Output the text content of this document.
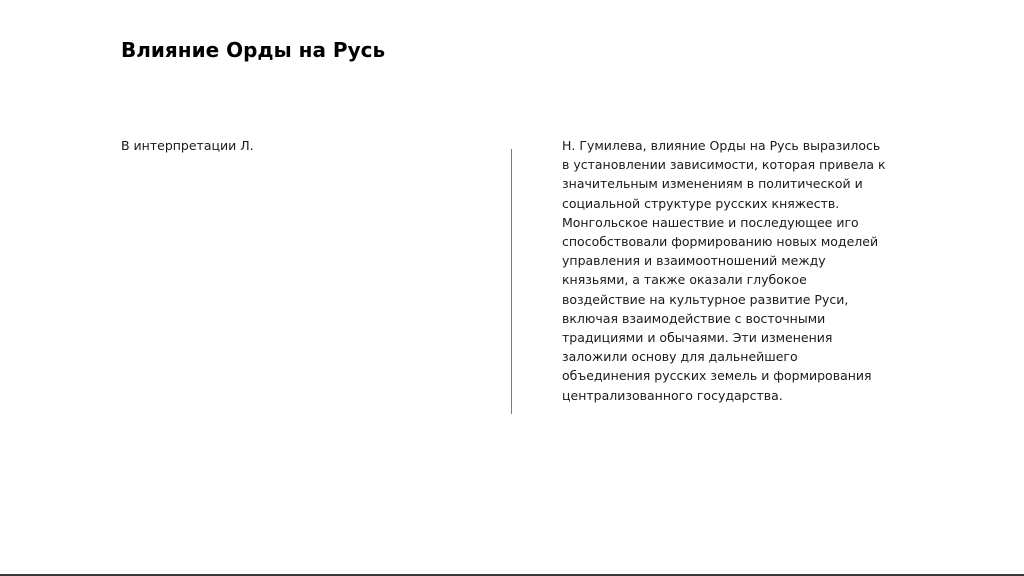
Влияние Орды на Русь
В интерпретации Л.	Н. Гумилева, влияние Орды на Русь выразилось
в установлении зависимости, которая привела к
значительным изменениям в политической и
социальной структуре русских княжеств.
Монгольское нашествие и последующее иго
способствовали формированию новых моделей
управления и взаимоотношений между
князьями, а также оказали глубокое
воздействие на культурное развитие Руси,
включая взаимодействие с восточными
традициями и обычаями. Эти изменения
заложили основу для дальнейшего
объединения русских земель и формирования
централизованного государства.
